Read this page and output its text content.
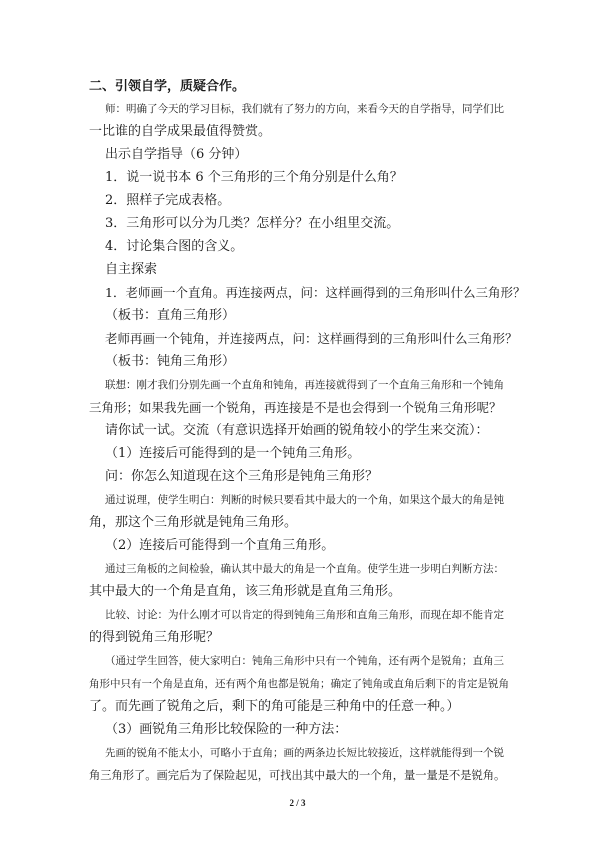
二、引领自学，质疑合作。
师：明确了今天的学习目标，我们就有了努力的方向，来看今天的自学指导，同学们比
一比谁的自学成果最值得赞赏。
出示自学指导（6 分钟）
1．说一说书本 6 个三角形的三个角分别是什么角？
2．照样子完成表格。
3．三角形可以分为几类？怎样分？在小组里交流。
4．讨论集合图的含义。
自主探索
1．老师画一个直角。再连接两点，问：这样画得到的三角形叫什么三角形？
（板书：直角三角形）
老师再画一个钝角，并连接两点，问：这样画得到的三角形叫什么三角形？
（板书：钝角三角形）
联想：刚才我们分别先画一个直角和钝角，再连接就得到了一个直角三角形和一个钝角
三角形；如果我先画一个锐角，再连接是不是也会得到一个锐角三角形呢？
请你试一试。交流（有意识选择开始画的锐角较小的学生来交流）：
（1）连接后可能得到的是一个钝角三角形。
问：你怎么知道现在这个三角形是钝角三角形？
通过说理，使学生明白：判断的时候只要看其中最大的一个角，如果这个最大的角是钝
角，那这个三角形就是钝角三角形。
（2）连接后可能得到一个直角三角形。
通过三角板的之间检验，确认其中最大的角是一个直角。使学生进一步明白判断方法：
其中最大的一个角是直角，该三角形就是直角三角形。
比较、讨论：为什么刚才可以肯定的得到钝角三角形和直角三角形，而现在却不能肯定
的得到锐角三角形呢？
（通过学生回答，使大家明白：钝角三角形中只有一个钝角，还有两个是锐角；直角三
角形中只有一个角是直角，还有两个角也都是锐角；确定了钝角或直角后剩下的肯定是锐角
了。而先画了锐角之后，剩下的角可能是三种角中的任意一种。）
（3）画锐角三角形比较保险的一种方法：
先画的锐角不能太小，可略小于直角；画的两条边长短比较接近，这样就能得到一个锐
角三角形了。画完后为了保险起见，可找出其中最大的一个角，量一量是不是锐角。
2 / 3
